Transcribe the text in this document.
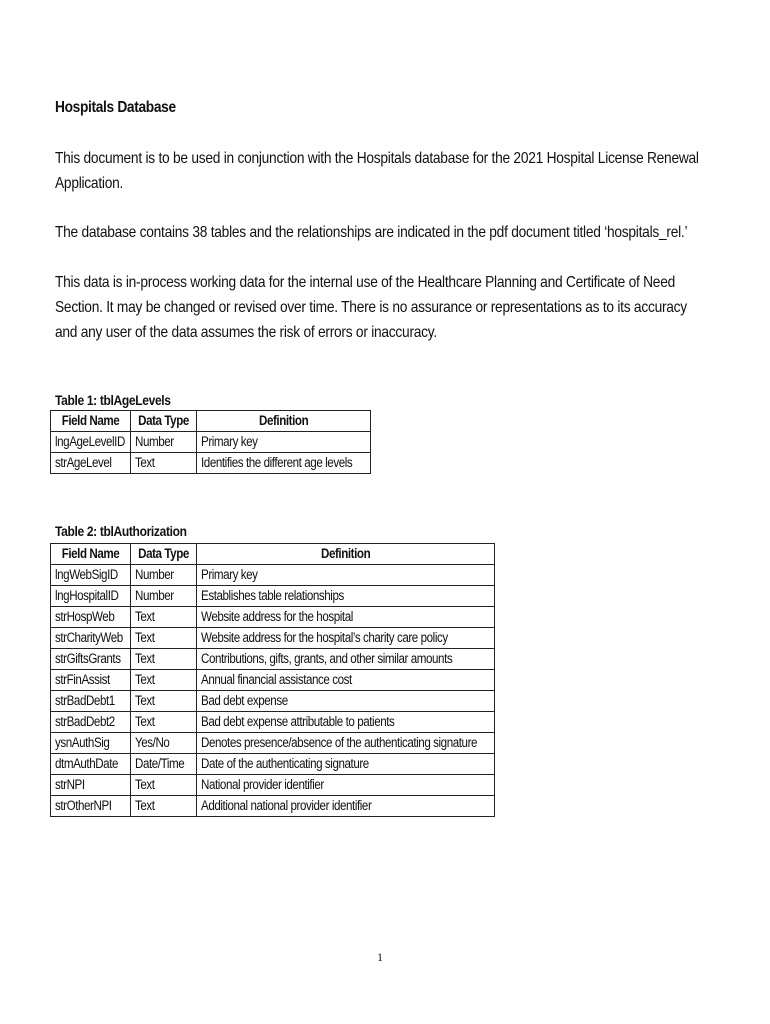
Hospitals Database
This document is to be used in conjunction with the Hospitals database for the 2021 Hospital License Renewal
Application.
The database contains 38 tables and the relationships are indicated in the pdf document titled ‘hospitals_rel.’
This data is in-process working data for the internal use of the Healthcare Planning and Certificate of Need
Section. It may be changed or revised over time. There is no assurance or representations as to its accuracy
and any user of the data assumes the risk of errors or inaccuracy.
Table 1: tblAgeLevels
Field Name	Data Type	Definition
lngAgeLevelID	Number	Primary key
strAgeLevel	Text	Identifies the different age levels
Table 2: tblAuthorization
Field Name	Data Type	Definition
lngWebSigID	Number	Primary key
lngHospitalID	Number	Establishes table relationships
strHospWeb	Text	Website address for the hospital
strCharityWeb	Text	Website address for the hospital’s charity care policy
strGiftsGrants	Text	Contributions, gifts, grants, and other similar amounts
strFinAssist	Text	Annual financial assistance cost
strBadDebt1	Text	Bad debt expense
strBadDebt2	Text	Bad debt expense attributable to patients
ysnAuthSig	Yes/No	Denotes presence/absence of the authenticating signature
dtmAuthDate	Date/Time	Date of the authenticating signature
strNPI	Text	National provider identifier
strOtherNPI	Text	Additional national provider identifier
1
